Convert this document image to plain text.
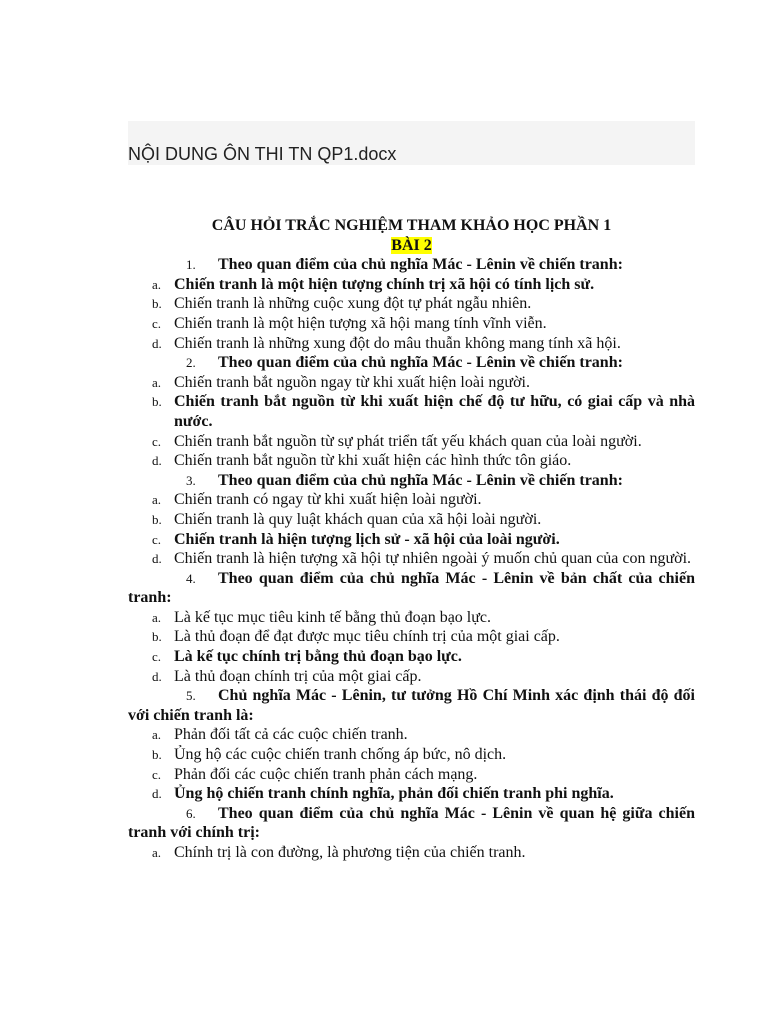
NỘI DUNG ÔN THI TN QP1.docx
CÂU HỎI TRẮC NGHIỆM THAM KHẢO HỌC PHẦN 1
BÀI 2
1. Theo quan điểm của chủ nghĩa Mác - Lênin về chiến tranh:
a. Chiến tranh là một hiện tượng chính trị xã hội có tính lịch sử.
b. Chiến tranh là những cuộc xung đột tự phát ngẫu nhiên.
c. Chiến tranh là một hiện tượng xã hội mang tính vĩnh viễn.
d. Chiến tranh là những xung đột do mâu thuẫn không mang tính xã hội.
2. Theo quan điểm của chủ nghĩa Mác - Lênin về chiến tranh:
a. Chiến tranh bắt nguồn ngay từ khi xuất hiện loài người.
b. Chiến tranh bắt nguồn từ khi xuất hiện chế độ tư hữu, có giai cấp và nhà nước.
c. Chiến tranh bắt nguồn từ sự phát triển tất yếu khách quan của loài người.
d. Chiến tranh bắt nguồn từ khi xuất hiện các hình thức tôn giáo.
3. Theo quan điểm của chủ nghĩa Mác - Lênin về chiến tranh:
a. Chiến tranh có ngay từ khi xuất hiện loài người.
b. Chiến tranh là quy luật khách quan của xã hội loài người.
c. Chiến tranh là hiện tượng lịch sử - xã hội của loài người.
d. Chiến tranh là hiện tượng xã hội tự nhiên ngoài ý muốn chủ quan của con người.
4. Theo quan điểm của chủ nghĩa Mác - Lênin về bản chất của chiến tranh:
a. Là kế tục mục tiêu kinh tế bằng thủ đoạn bạo lực.
b. Là thủ đoạn để đạt được mục tiêu chính trị của một giai cấp.
c. Là kế tục chính trị bằng thủ đoạn bạo lực.
d. Là thủ đoạn chính trị của một giai cấp.
5. Chủ nghĩa Mác - Lênin, tư tưởng Hồ Chí Minh xác định thái độ đối với chiến tranh là:
a. Phản đối tất cả các cuộc chiến tranh.
b. Ủng hộ các cuộc chiến tranh chống áp bức, nô dịch.
c. Phản đối các cuộc chiến tranh phản cách mạng.
d. Ủng hộ chiến tranh chính nghĩa, phản đối chiến tranh phi nghĩa.
6. Theo quan điểm của chủ nghĩa Mác - Lênin về quan hệ giữa chiến tranh với chính trị:
a. Chính trị là con đường, là phương tiện của chiến tranh.
